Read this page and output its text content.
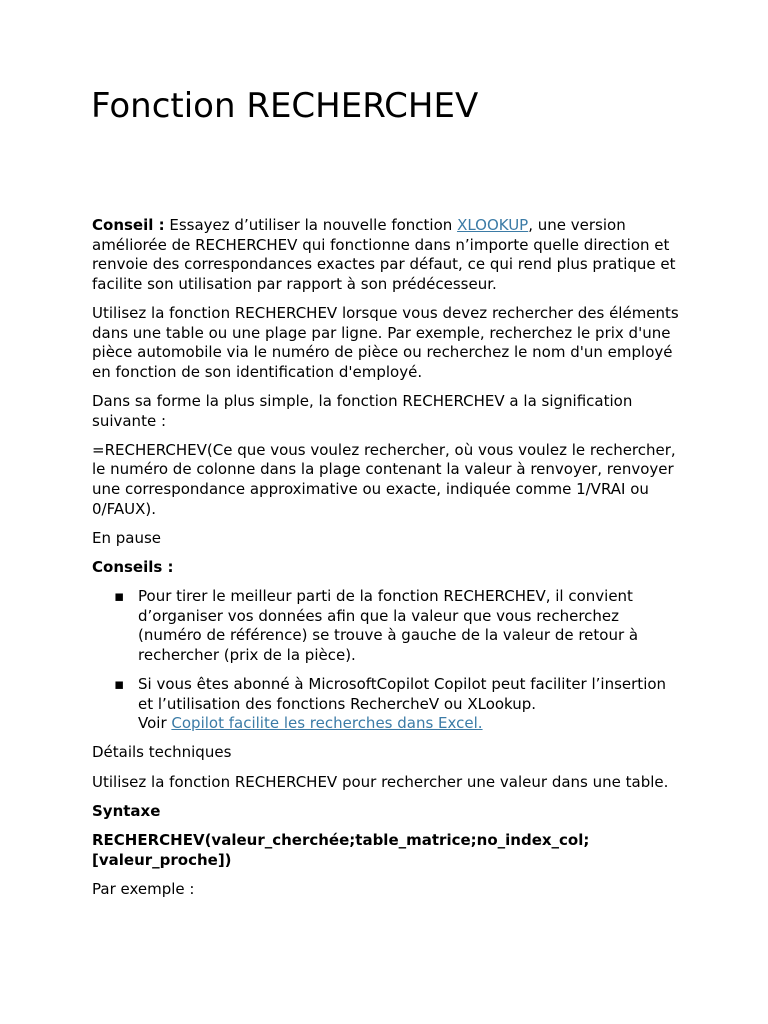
Fonction RECHERCHEV

Conseil : Essayez d’utiliser la nouvelle fonction XLOOKUP, une version améliorée de RECHERCHEV qui fonctionne dans n’importe quelle direction et renvoie des correspondances exactes par défaut, ce qui rend plus pratique et facilite son utilisation par rapport à son prédécesseur.

Utilisez la fonction RECHERCHEV lorsque vous devez rechercher des éléments dans une table ou une plage par ligne. Par exemple, recherchez le prix d'une pièce automobile via le numéro de pièce ou recherchez le nom d'un employé en fonction de son identification d'employé.

Dans sa forme la plus simple, la fonction RECHERCHEV a la signification suivante :

=RECHERCHEV(Ce que vous voulez rechercher, où vous voulez le rechercher, le numéro de colonne dans la plage contenant la valeur à renvoyer, renvoyer une correspondance approximative ou exacte, indiquée comme 1/VRAI ou 0/FAUX).

En pause

Conseils :

▪ Pour tirer le meilleur parti de la fonction RECHERCHEV, il convient d’organiser vos données afin que la valeur que vous recherchez (numéro de référence) se trouve à gauche de la valeur de retour à rechercher (prix de la pièce).
▪ Si vous êtes abonné à MicrosoftCopilot Copilot peut faciliter l’insertion et l’utilisation des fonctions RechercheV ou XLookup.
Voir Copilot facilite les recherches dans Excel.

Détails techniques

Utilisez la fonction RECHERCHEV pour rechercher une valeur dans une table.

Syntaxe

RECHERCHEV(valeur_cherchée;table_matrice;no_index_col;[valeur_proche])

Par exemple :
